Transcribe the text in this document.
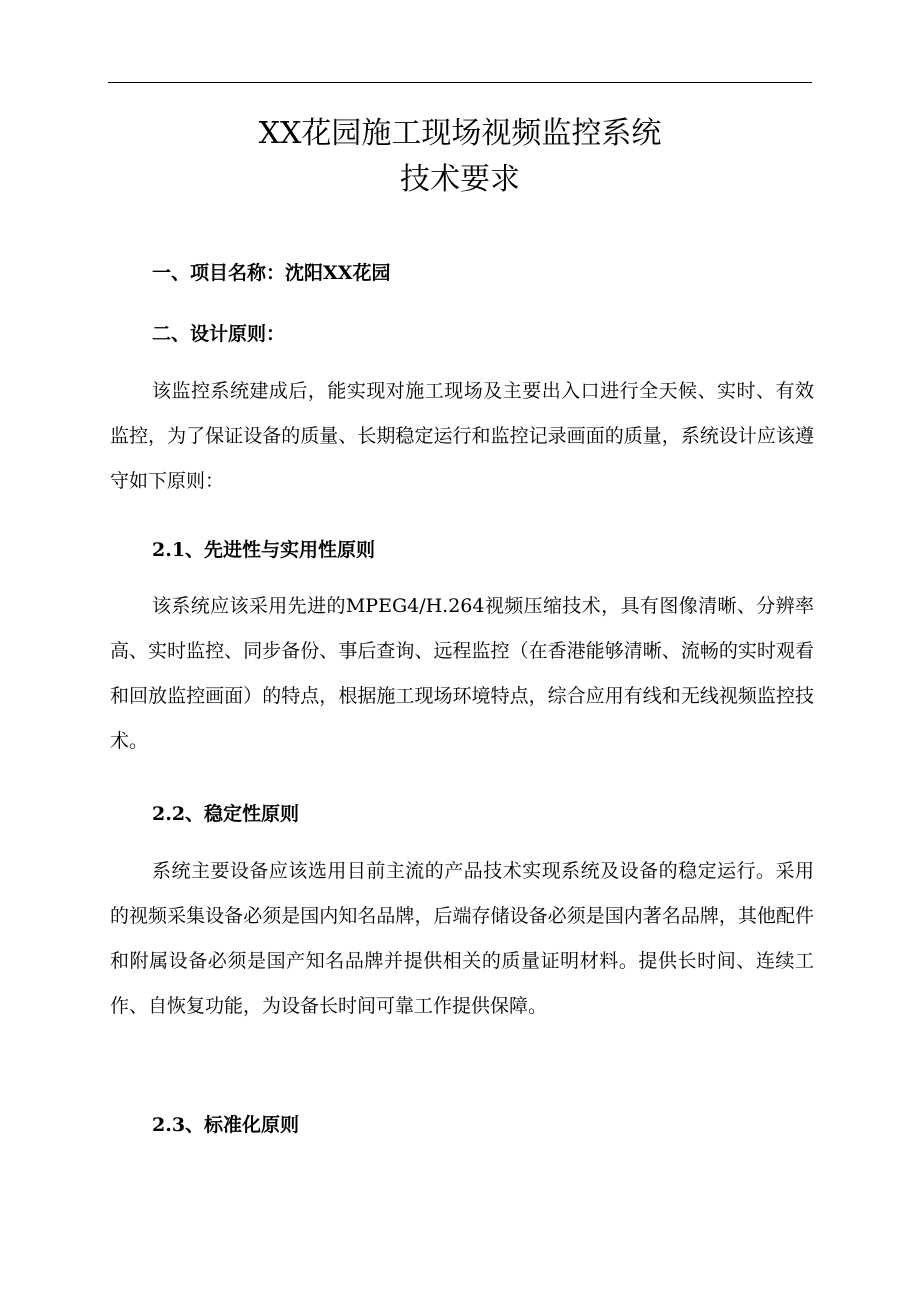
XX花园施工现场视频监控系统
技术要求
一、项目名称：沈阳XX花园
二、设计原则：
该监控系统建成后，能实现对施工现场及主要出入口进行全天候、实时、有效监控，为了保证设备的质量、长期稳定运行和监控记录画面的质量，系统设计应该遵守如下原则：
2.1、先进性与实用性原则
该系统应该采用先进的MPEG4/H.264视频压缩技术，具有图像清晰、分辨率高、实时监控、同步备份、事后查询、远程监控（在香港能够清晰、流畅的实时观看和回放监控画面）的特点，根据施工现场环境特点，综合应用有线和无线视频监控技术。
2.2、稳定性原则
系统主要设备应该选用目前主流的产品技术实现系统及设备的稳定运行。采用的视频采集设备必须是国内知名品牌，后端存储设备必须是国内著名品牌，其他配件和附属设备必须是国产知名品牌并提供相关的质量证明材料。提供长时间、连续工作、自恢复功能，为设备长时间可靠工作提供保障。
2.3、标准化原则
